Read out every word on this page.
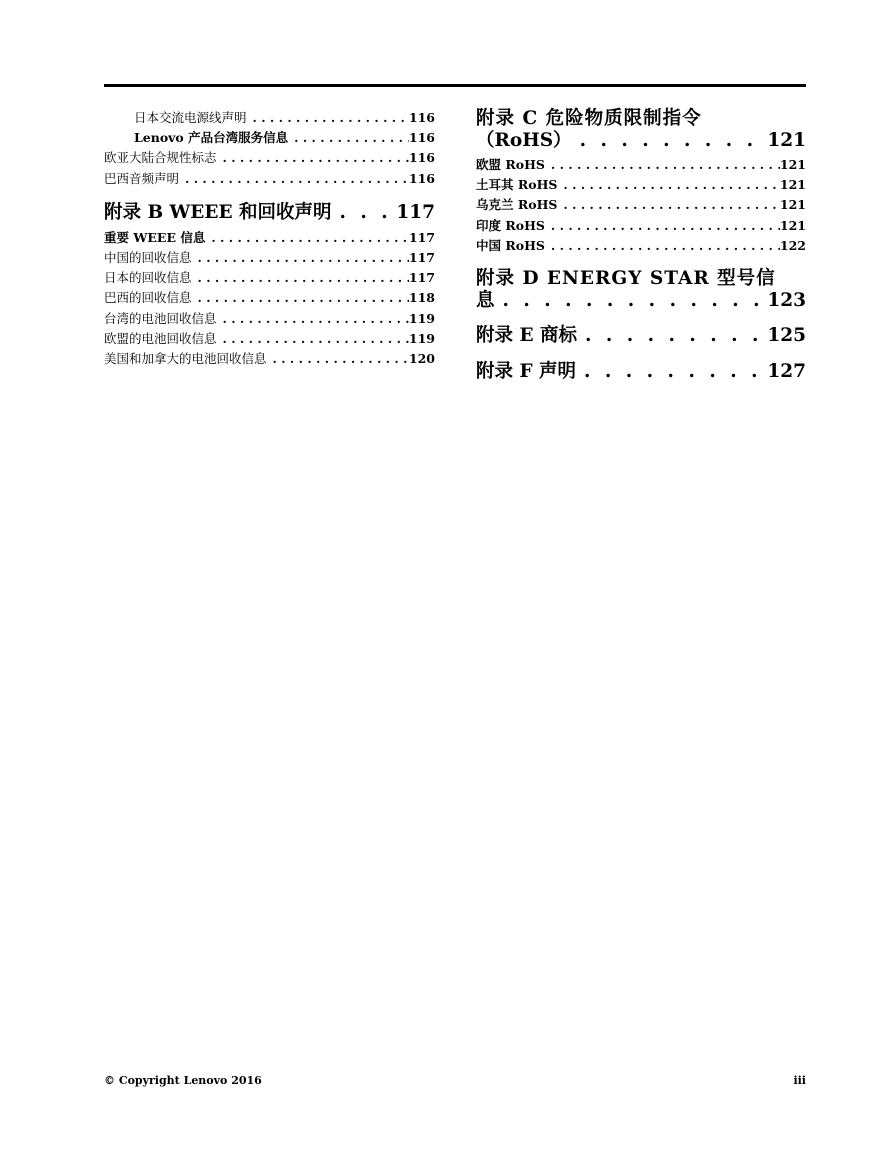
日本交流电源线声明 . . .	116
Lenovo 产品台湾服务信息 . . .	116
欧亚大陆合规性标志 . . .	116
巴西音频声明 . . .	116
附录 B WEEE 和回收声明 . . .	117
重要 WEEE 信息 . . .	117
中国的回收信息 . . .	117
日本的回收信息 . . .	117
巴西的回收信息 . . .	118
台湾的电池回收信息 . . .	119
欧盟的电池回收信息 . . .	119
美国和加拿大的电池回收信息 . . .	120
附录 C 危险物质限制指令
（RoHS） . . .	121
欧盟 RoHS . . .	121
土耳其 RoHS . . .	121
乌克兰 RoHS . . .	121
印度 RoHS . . .	121
中国 RoHS . . .	122
附录 D ENERGY STAR 型号信
息 . . .	123
附录 E 商标 . . .	125
附录 F 声明 . . .	127
© Copyright Lenovo 2016	iii
